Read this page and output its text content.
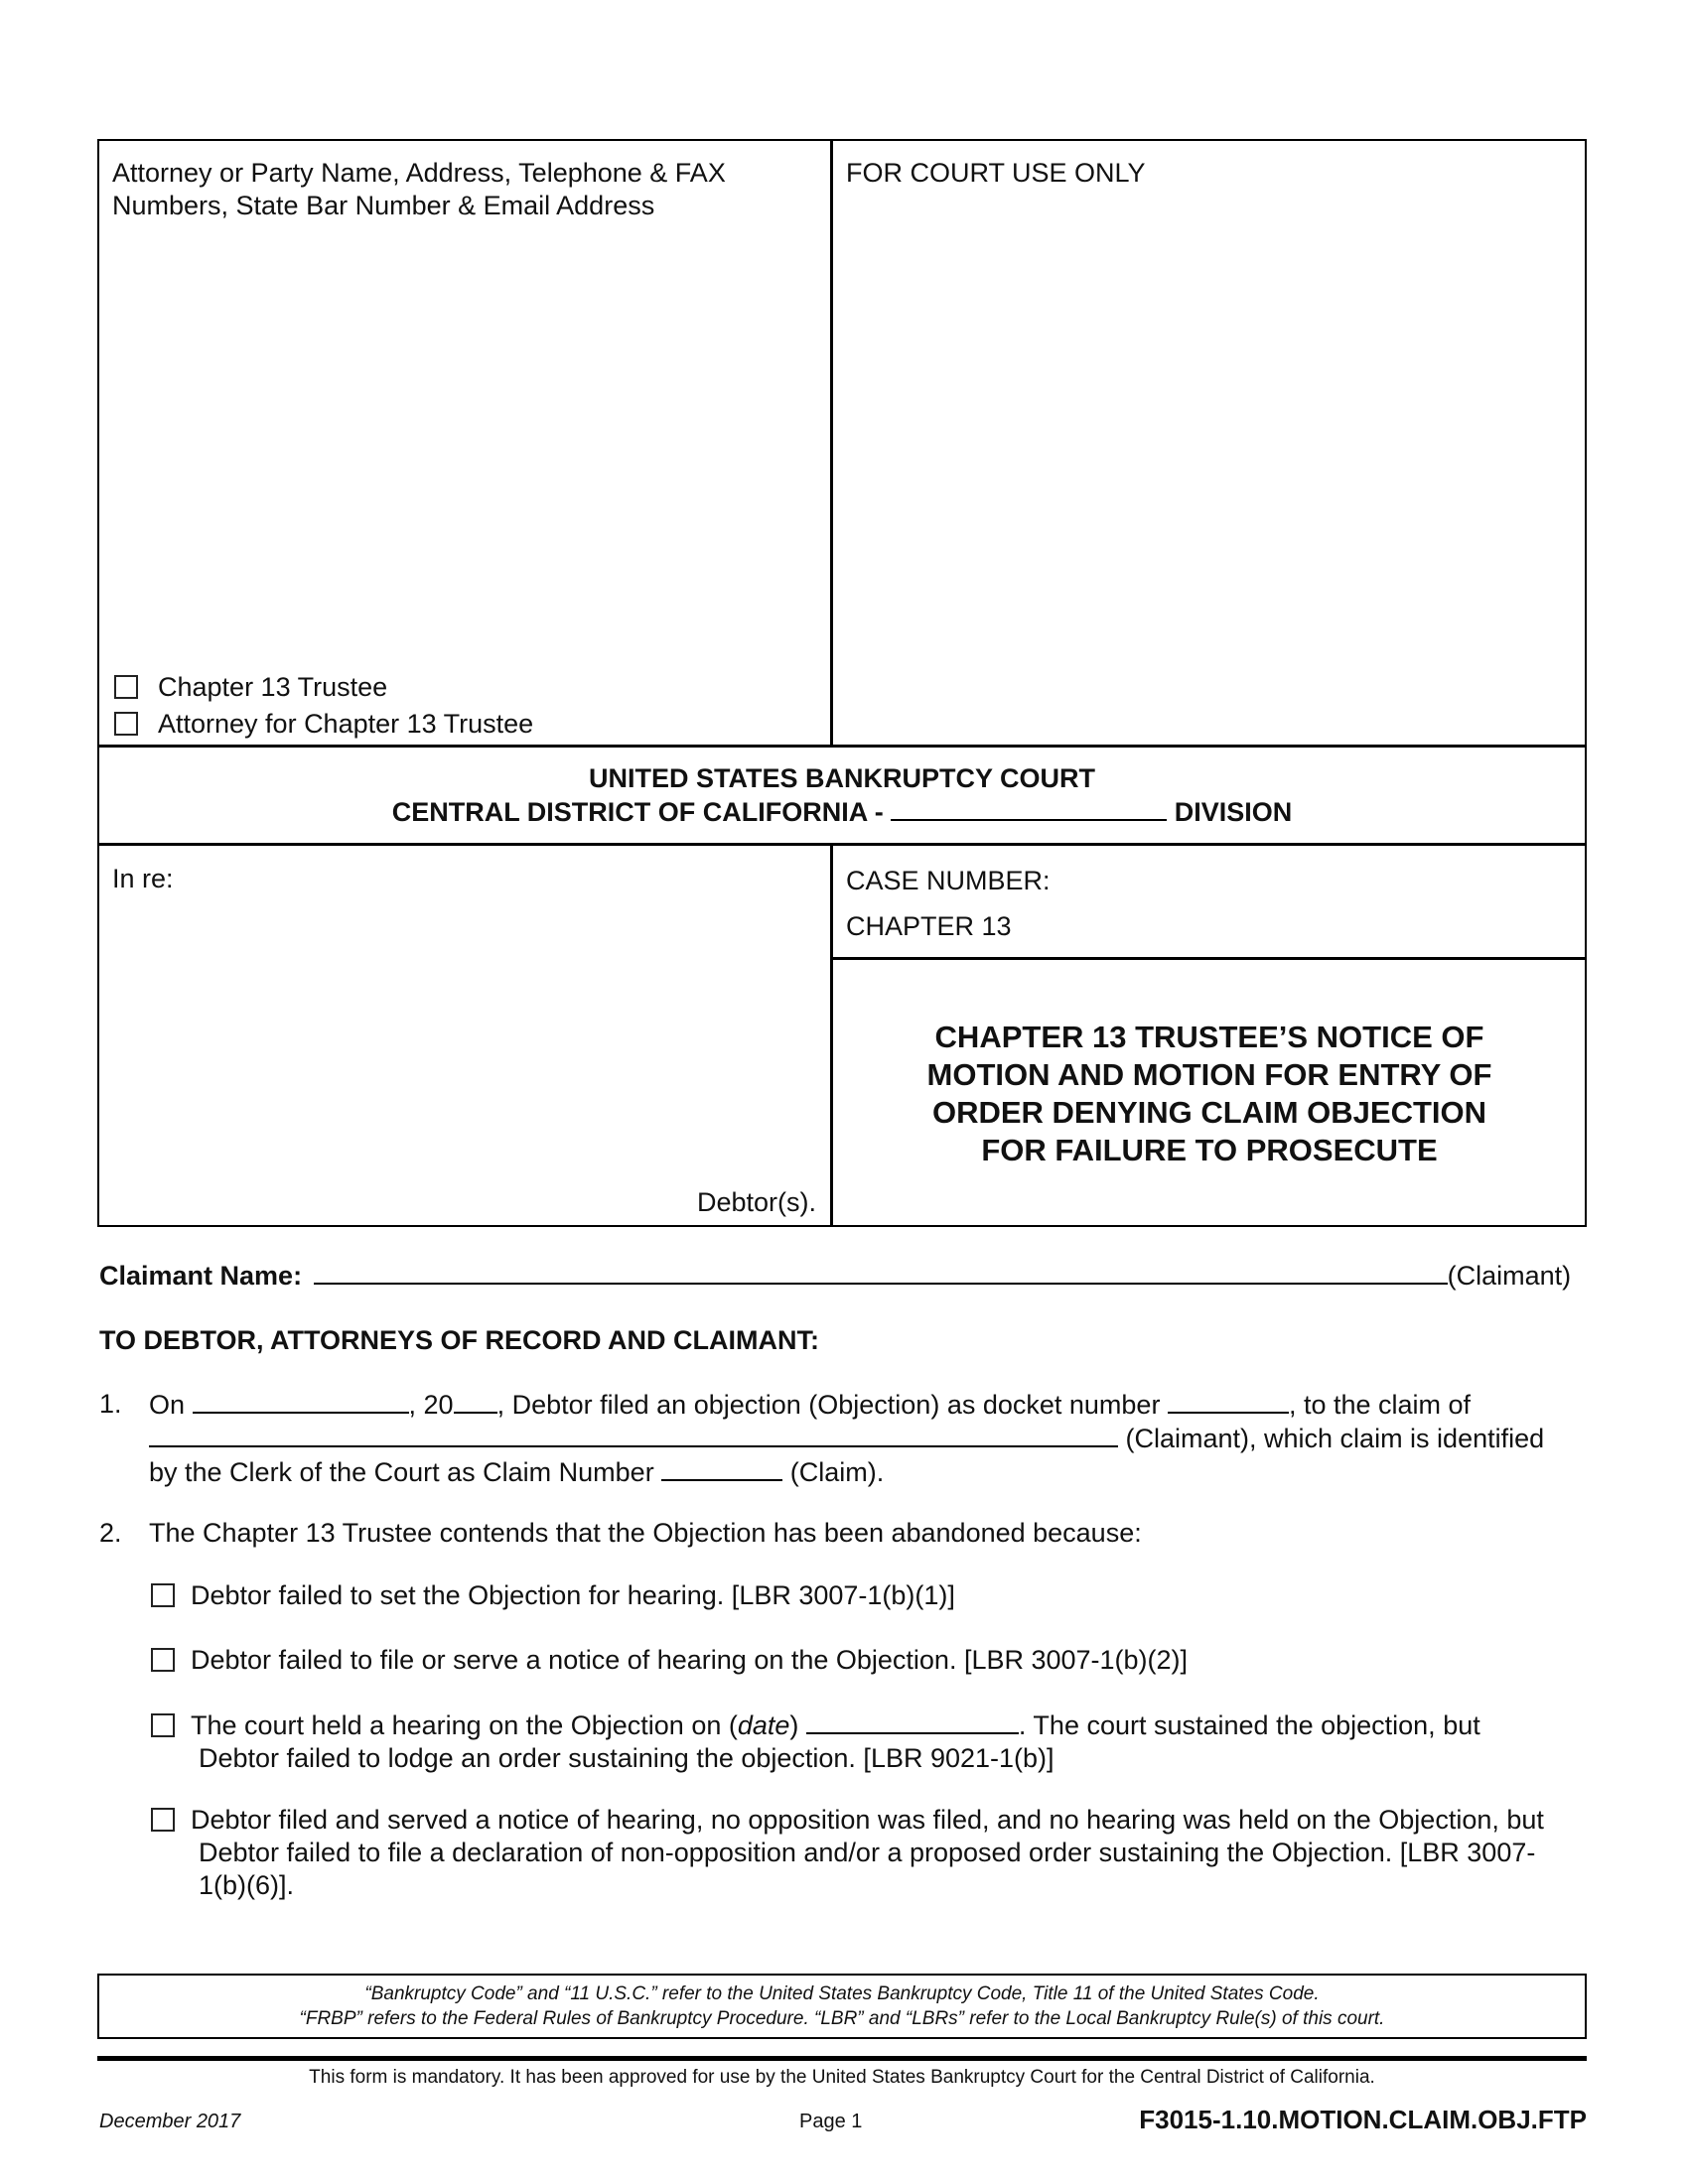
Attorney or Party Name, Address, Telephone & FAX
Numbers, State Bar Number & Email Address
FOR COURT USE ONLY
Chapter 13 Trustee
Attorney for Chapter 13 Trustee
UNITED STATES BANKRUPTCY COURT
CENTRAL DISTRICT OF CALIFORNIA -	DIVISION
In re:
Debtor(s).
CASE NUMBER:
CHAPTER 13
CHAPTER 13 TRUSTEE’S NOTICE OF
MOTION AND MOTION FOR ENTRY OF
ORDER DENYING CLAIM OBJECTION
FOR FAILURE TO PROSECUTE
Claimant Name:	(Claimant)
TO DEBTOR, ATTORNEYS OF RECORD AND CLAIMANT:
1. On	, 20 , Debtor filed an objection (Objection) as docket number	, to the claim of
(Claimant), which claim is identified
by the Clerk of the Court as Claim Number	(Claim).
2. The Chapter 13 Trustee contends that the Objection has been abandoned because:
Debtor failed to set the Objection for hearing. [LBR 3007-1(b)(1)]
Debtor failed to file or serve a notice of hearing on the Objection. [LBR 3007-1(b)(2)]
The court held a hearing on the Objection on (date)	. The court sustained the objection, but
Debtor failed to lodge an order sustaining the objection. [LBR 9021-1(b)]
Debtor filed and served a notice of hearing, no opposition was filed, and no hearing was held on the Objection, but
Debtor failed to file a declaration of non-opposition and/or a proposed order sustaining the Objection. [LBR 3007-
1(b)(6)].
“Bankruptcy Code” and “11 U.S.C.” refer to the United States Bankruptcy Code, Title 11 of the United States Code.
“FRBP” refers to the Federal Rules of Bankruptcy Procedure. “LBR” and “LBRs” refer to the Local Bankruptcy Rule(s) of this court.
This form is mandatory. It has been approved for use by the United States Bankruptcy Court for the Central District of California.
December 2017	Page 1	F3015-1.10.MOTION.CLAIM.OBJ.FTP
